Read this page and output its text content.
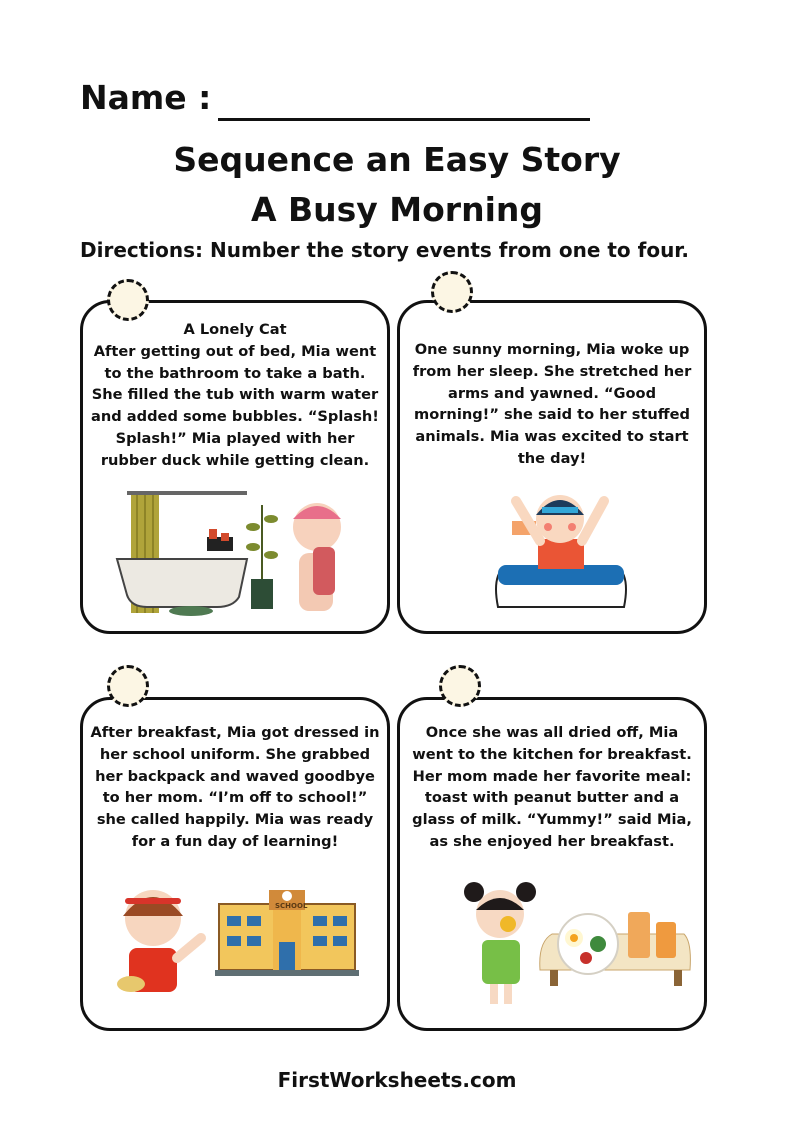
Name :
Sequence an Easy Story
A Busy Morning
Directions: Number the story events from one to four.
A Lonely Cat
After getting out of bed, Mia went to the bathroom to take a bath. She filled the tub with warm water and added some bubbles. “Splash! Splash!” Mia played with her rubber duck while getting clean.
One sunny morning, Mia woke up from her sleep. She stretched her arms and yawned. “Good morning!” she said to her stuffed animals. Mia was excited to start the day!
After breakfast, Mia got dressed in her school uniform. She grabbed her backpack and waved goodbye to her mom. “I’m off to school!” she called happily. Mia was ready for a fun day of learning!
SCHOOL
Once she was all dried off, Mia went to the kitchen for breakfast. Her mom made her favorite meal: toast with peanut butter and a glass of milk. “Yummy!” said Mia, as she enjoyed her breakfast.
FirstWorksheets.com
